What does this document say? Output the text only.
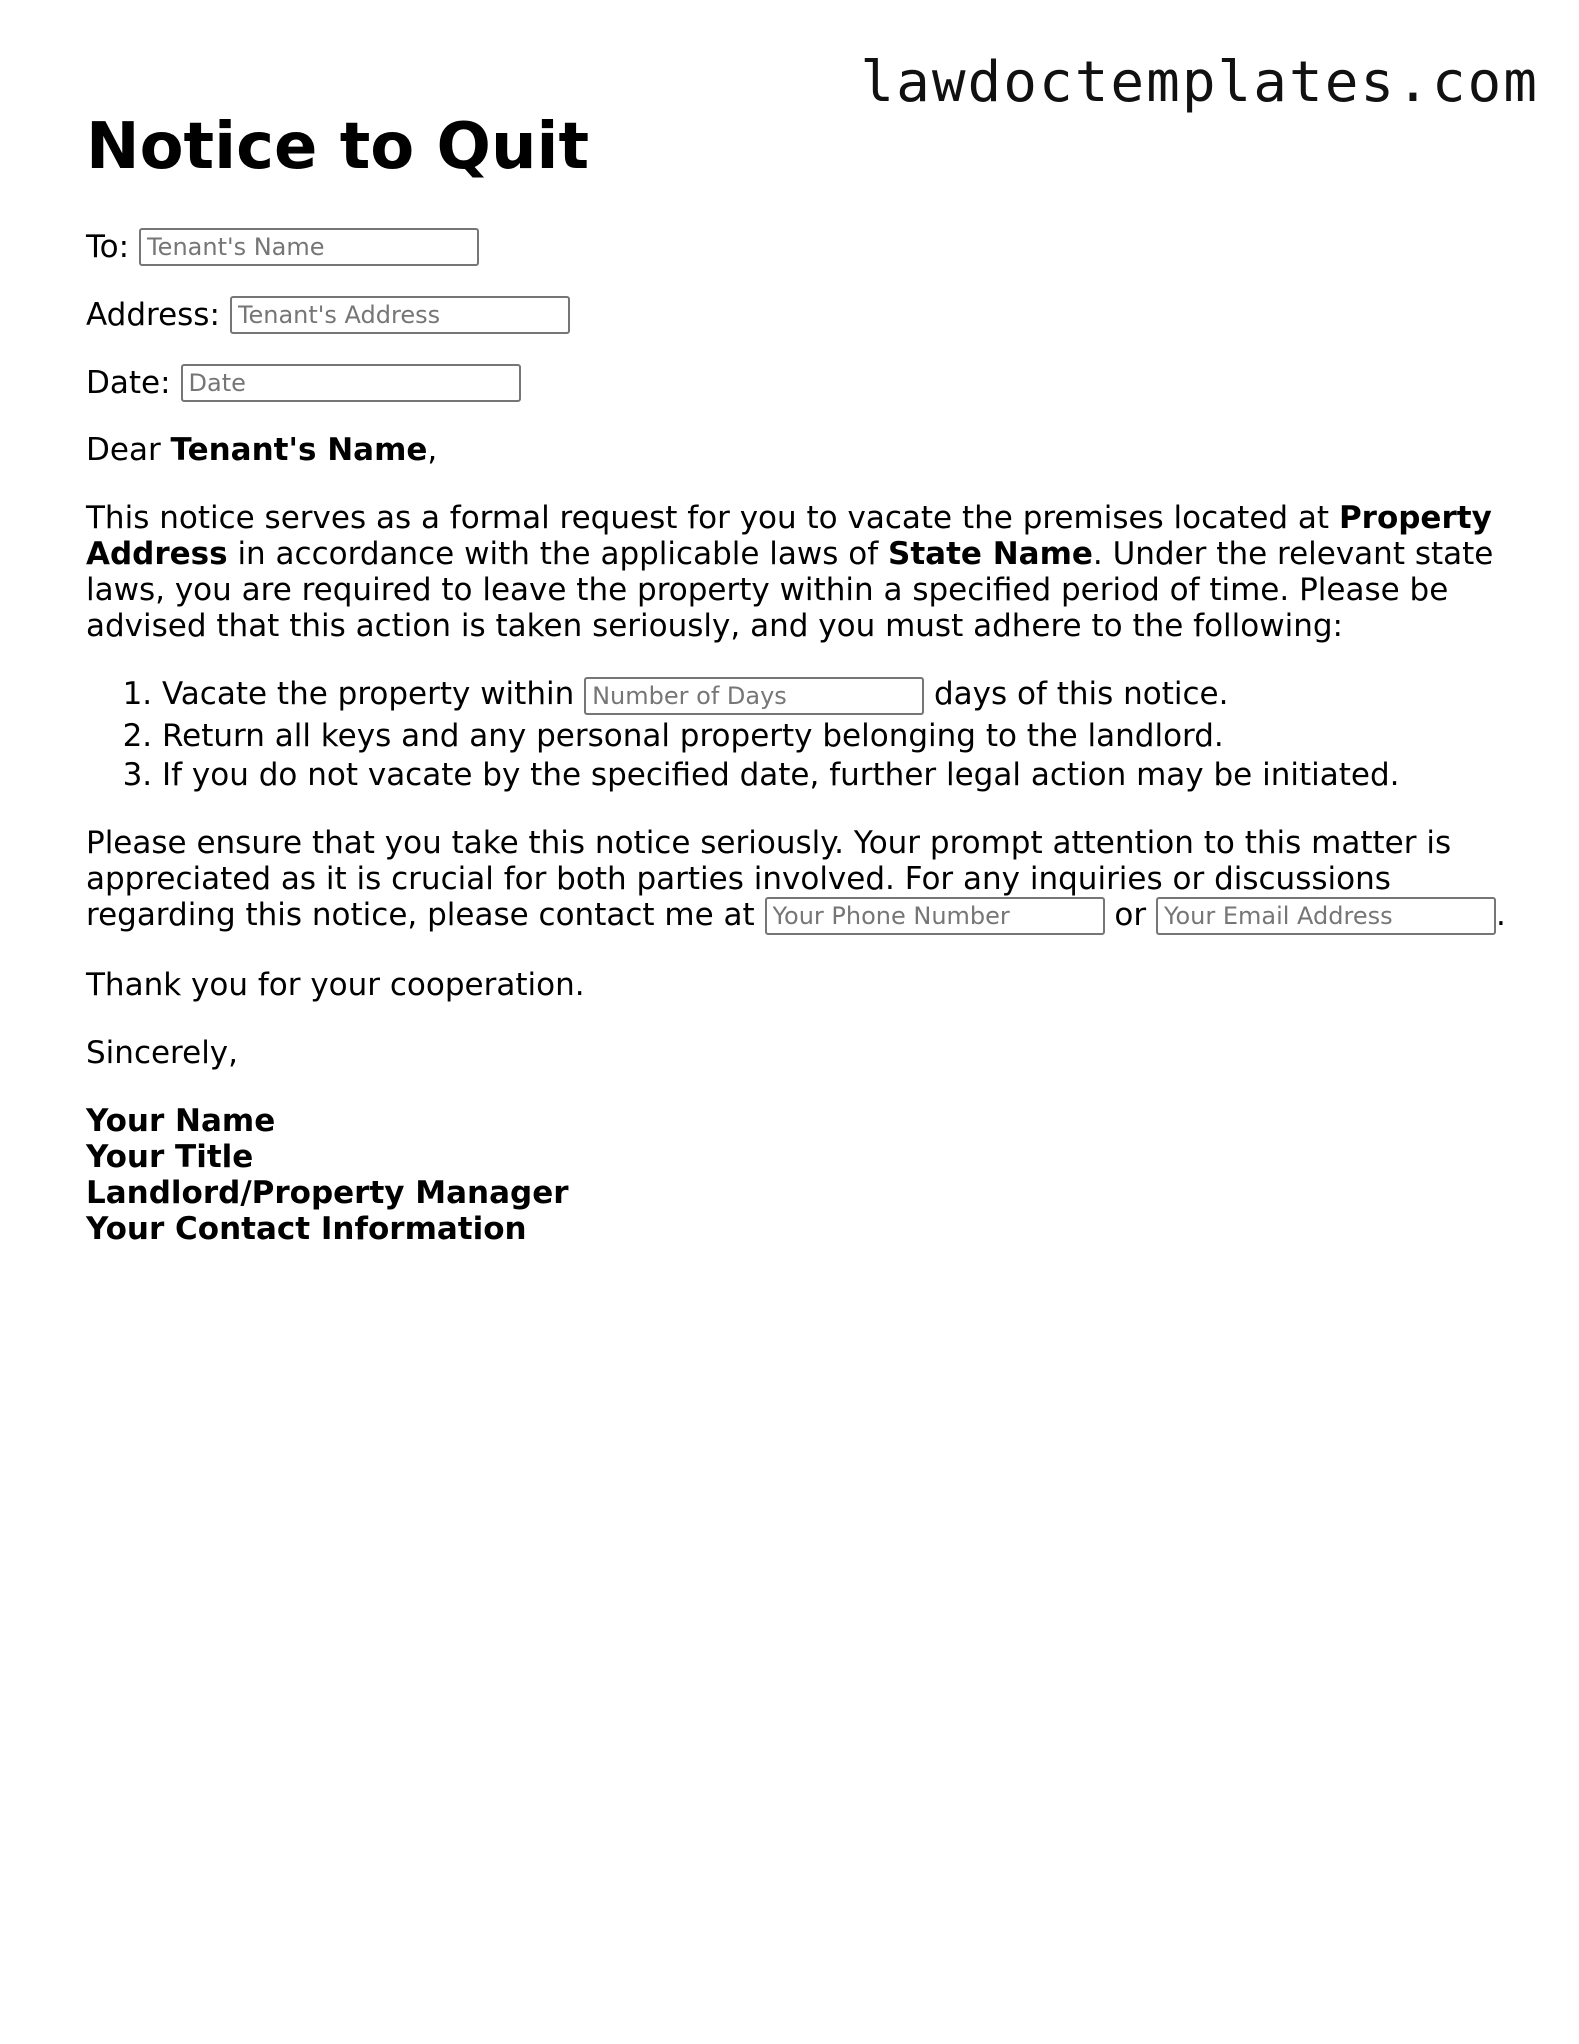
lawdoctemplates.com
Notice to Quit
To:
Tenant's Name
Address:
Tenant's Address
Date:
Date

Dear Tenant's Name,

This notice serves as a formal request for you to vacate the premises located at Property Address in accordance with the applicable laws of State Name. Under the relevant state laws, you are required to leave the property within a specified period of time. Please be advised that this action is taken seriously, and you must adhere to the following:

1. Vacate the property within Number of Days	days of this notice.
2. Return all keys and any personal property belonging to the landlord.
3. If you do not vacate by the specified date, further legal action may be initiated.

Please ensure that you take this notice seriously. Your prompt attention to this matter is appreciated as it is crucial for both parties involved. For any inquiries or discussions regarding this notice, please contact me at Your Phone Number	or Your Email Address	.

Thank you for your cooperation.

Sincerely,

Your Name
Your Title
Landlord/Property Manager
Your Contact Information
